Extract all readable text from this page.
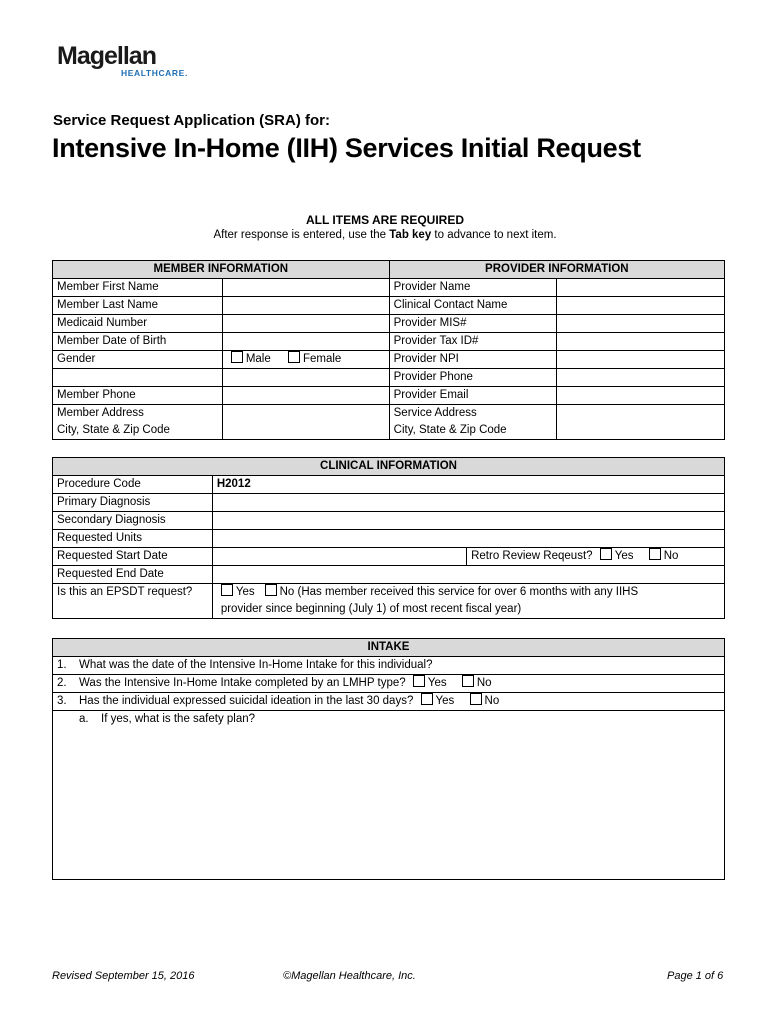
Magellan
HEALTHCARE.
Service Request Application (SRA) for:
Intensive In-Home (IIH) Services Initial Request
ALL ITEMS ARE REQUIRED
After response is entered, use the Tab key to advance to next item.
MEMBER INFORMATION		PROVIDER INFORMATION	
Member First Name		Provider Name	
Member Last Name		Clinical Contact Name	
Medicaid Number		Provider MIS#	
Member Date of Birth		Provider Tax ID#	
Gender	Male Female	Provider NPI	
		Provider Phone	
Member Phone		Provider Email	
Member Address		Service Address	
City, State & Zip Code		City, State & Zip Code	
CLINICAL INFORMATION		
Procedure Code	H2012	
Primary Diagnosis		
Secondary Diagnosis		
Requested Units		
Requested Start Date		Retro Review Reqeust? Yes No
Requested End Date		
Is this an EPSDT request?	Yes No (Has member received this service for over 6 months with any IIHS
provider since beginning (July 1) of most recent fiscal year)	
INTAKE
1. What was the date of the Intensive In-Home Intake for this individual?
2. Was the Intensive In-Home Intake completed by an LMHP type? Yes	No
3. Has the individual expressed suicidal ideation in the last 30 days? Yes	No
a. If yes, what is the safety plan?
Revised September 15, 2016	©Magellan Healthcare, Inc.	Page 1 of 6
